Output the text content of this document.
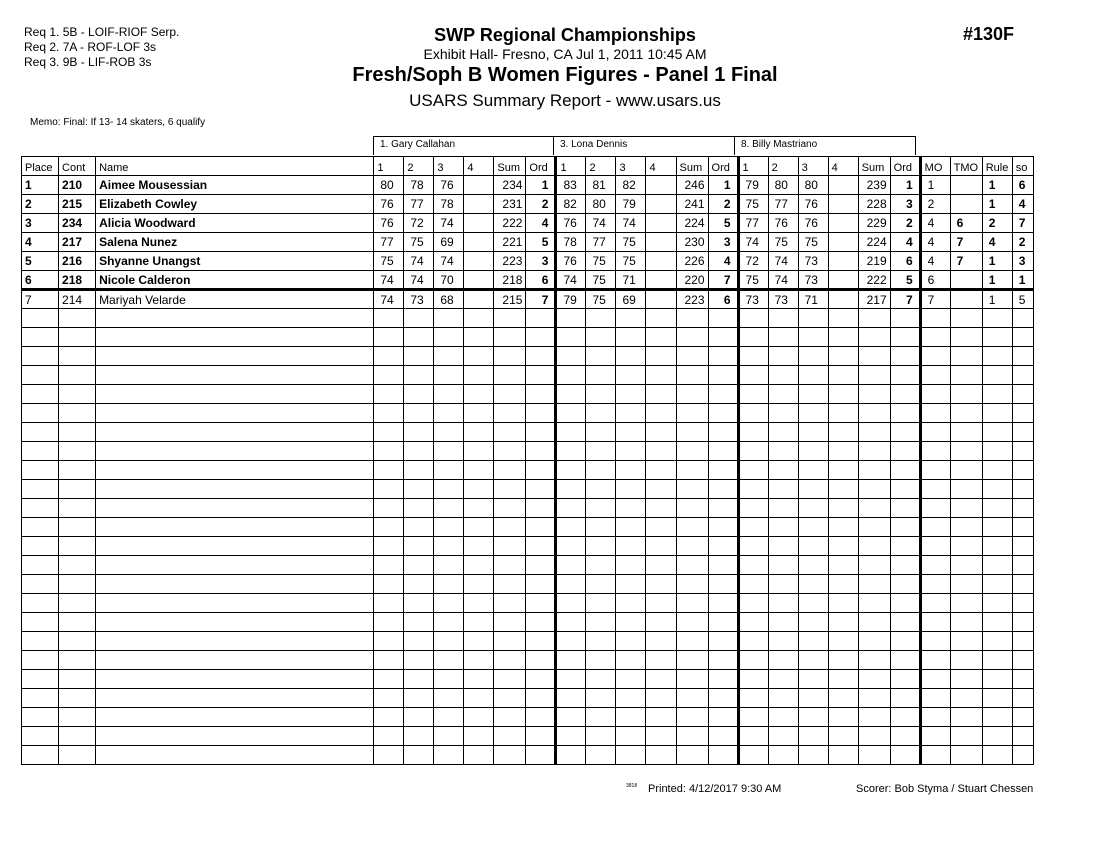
Req 1. 5B - LOIF-RIOF Serp.
Req 2. 7A - ROF-LOF 3s
Req 3. 9B - LIF-ROB 3s
#130F
SWP Regional Championships
Exhibit Hall- Fresno, CA Jul 1, 2011 10:45 AM
Fresh/Soph B Women Figures - Panel 1 Final
USARS Summary Report - www.usars.us
Memo: Final: If 13- 14 skaters, 6 qualify
1. Gary Callahan	3. Lona Dennis	8. Billy Mastriano
Place	Cont	Name	1	2	3	4	Sum	Ord	1	2	3	4	Sum	Ord	1	2	3	4	Sum	Ord	MO	TMO	Rule	so
1	210	Aimee Mousessian	80	78	76		234	1	83	81	82		246	1	79	80	80		239	1	1		1	6
2	215	Elizabeth Cowley	76	77	78		231	2	82	80	79		241	2	75	77	76		228	3	2		1	4
3	234	Alicia Woodward	76	72	74		222	4	76	74	74		224	5	77	76	76		229	2	4	6	2	7
4	217	Salena Nunez	77	75	69		221	5	78	77	75		230	3	74	75	75		224	4	4	7	4	2
5	216	Shyanne Unangst	75	74	74		223	3	76	75	75		226	4	72	74	73		219	6	4	7	1	3
6	218	Nicole Calderon	74	74	70		218	6	74	75	71		220	7	75	74	73		222	5	6		1	1
7	214	Mariyah Velarde	74	73	68		215	7	79	75	69		223	6	73	73	71		217	7	7		1	5

3818 Printed: 4/12/2017 9:30 AM	Scorer: Bob Styma / Stuart Chessen
